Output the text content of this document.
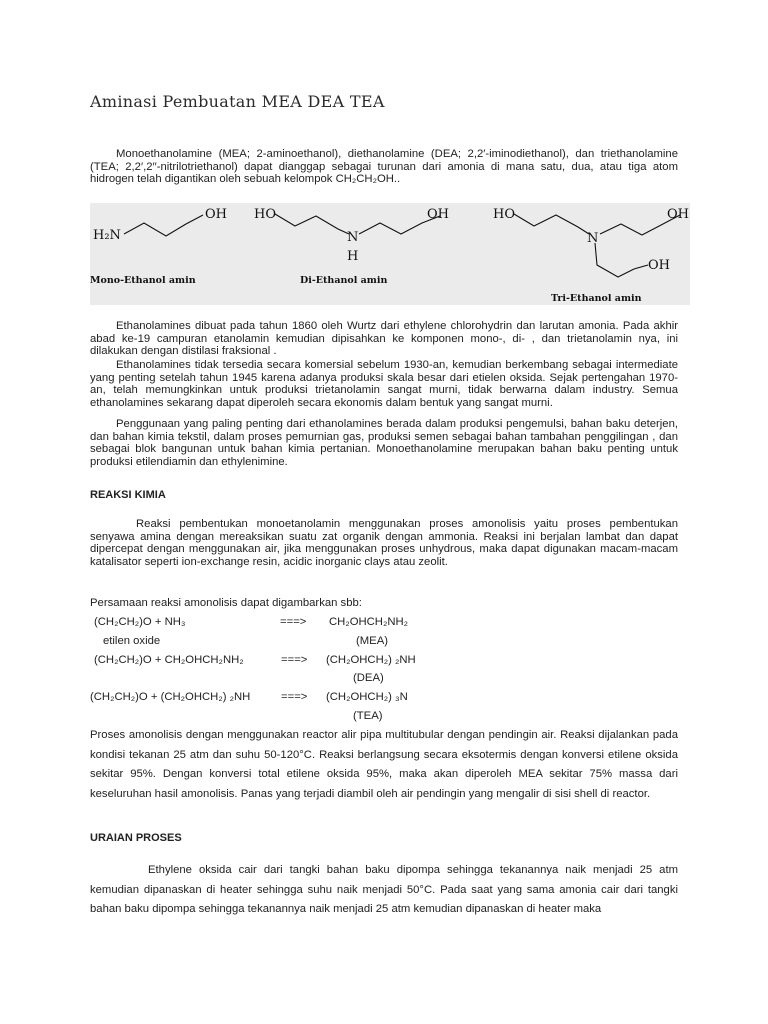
Aminasi Pembuatan MEA DEA TEA

Monoethanolamine (MEA; 2-aminoethanol), diethanolamine (DEA; 2,2′-iminodiethanol), dan triethanolamine (TEA; 2,2′,2′′-nitrilotriethanol) dapat dianggap sebagai turunan dari amonia di mana satu, dua, atau tiga atom hidrogen telah digantikan oleh sebuah kelompok CH₂CH₂OH..

H₂N
OH HO
N
H
OH	HO
N
OH
OH
Mono-Ethanol amin	Di-Ethanol amin
Tri-Ethanol amin

Ethanolamines dibuat pada tahun 1860 oleh Wurtz dari ethylene chlorohydrin dan larutan amonia. Pada akhir abad ke-19 campuran etanolamin kemudian dipisahkan ke komponen mono-, di- , dan trietanolamin nya, ini dilakukan dengan distilasi fraksional .

Ethanolamines tidak tersedia secara komersial sebelum 1930-an, kemudian berkembang sebagai intermediate yang penting setelah tahun 1945 karena adanya produksi skala besar dari etielen oksida. Sejak pertengahan 1970-an, telah memungkinkan untuk produksi trietanolamin sangat murni, tidak berwarna dalam industry. Semua ethanolamines sekarang dapat diperoleh secara ekonomis dalam bentuk yang sangat murni.

Penggunaan yang paling penting dari ethanolamines berada dalam produksi pengemulsi, bahan baku deterjen, dan bahan kimia tekstil, dalam proses pemurnian gas, produksi semen sebagai bahan tambahan penggilingan , dan sebagai blok bangunan untuk bahan kimia pertanian. Monoethanolamine merupakan bahan baku penting untuk produksi etilendiamin dan ethylenimine.

REAKSI KIMIA

Reaksi pembentukan monoetanolamin menggunakan proses amonolisis yaitu proses pembentukan senyawa amina dengan mereaksikan suatu zat organik dengan ammonia. Reaksi ini berjalan lambat dan dapat dipercepat dengan menggunakan air, jika menggunakan proses unhydrous, maka dapat digunakan macam-macam katalisator seperti ion-exchange resin, acidic inorganic clays atau zeolit.

Persamaan reaksi amonolisis dapat digambarkan sbb:
(CH₂CH₂)O + NH₃	===> CH₂OHCH₂NH₂
etilen oxide	(MEA)
(CH₂CH₂)O + CH₂OHCH₂NH₂	===> (CH₂OHCH₂) ₂NH
(DEA)
(CH₂CH₂)O + (CH₂OHCH₂) ₂NH	===> (CH₂OHCH₂) ₃N
(TEA)

Proses amonolisis dengan menggunakan reactor alir pipa multitubular dengan pendingin air. Reaksi dijalankan pada kondisi tekanan 25 atm dan suhu 50-120°C. Reaksi berlangsung secara eksotermis dengan konversi etilene oksida sekitar 95%. Dengan konversi total etilene oksida 95%, maka akan diperoleh MEA sekitar 75% massa dari keseluruhan hasil amonolisis. Panas yang terjadi diambil oleh air pendingin yang mengalir di sisi shell di reactor.

URAIAN PROSES

Ethylene oksida cair dari tangki bahan baku dipompa sehingga tekanannya naik menjadi 25 atm kemudian dipanaskan di heater sehingga suhu naik menjadi 50°C. Pada saat yang sama amonia cair dari tangki bahan baku dipompa sehingga tekanannya naik menjadi 25 atm kemudian dipanaskan di heater maka
